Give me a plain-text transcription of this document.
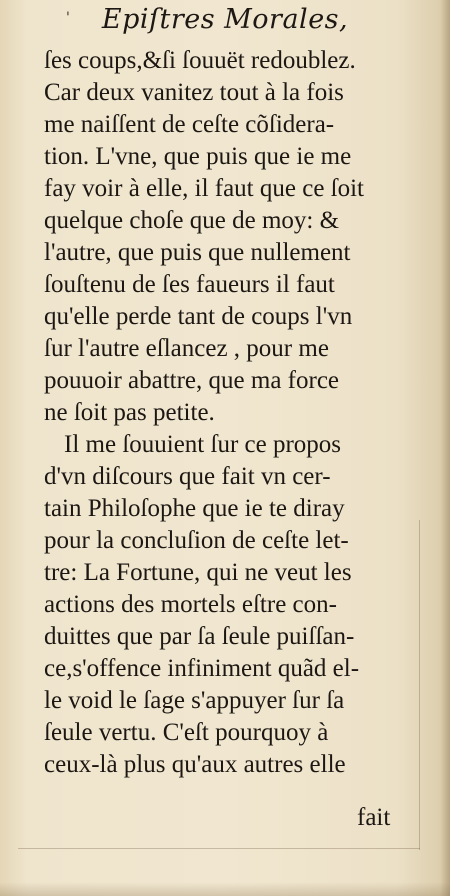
'	Epiſtres Morales,
ſes coups,&ſi ſouuët redoublez.
Car deux vanitez tout à la fois
me naiſſent de ceſte cõſidera-
tion. L'vne, que puis que ie me
fay voir à elle, il faut que ce ſoit
quelque choſe que de moy: &
l'autre, que puis que nullement
ſouſtenu de ſes faueurs il faut
qu'elle perde tant de coups l'vn
ſur l'autre eſlancez , pour me
pouuoir abattre, que ma force
ne ſoit pas petite.
Il me ſouuient ſur ce propos
d'vn diſcours que fait vn cer-
tain Philoſophe que ie te diray
pour la concluſion de ceſte let-
tre: La Fortune, qui ne veut les
actions des mortels eſtre con-
duittes que par ſa ſeule puiſſan-
ce,s'offence infiniment quãd el-
le void le ſage s'appuyer ſur ſa
ſeule vertu. C'eſt pourquoy à
ceux-là plus qu'aux autres elle
fait
